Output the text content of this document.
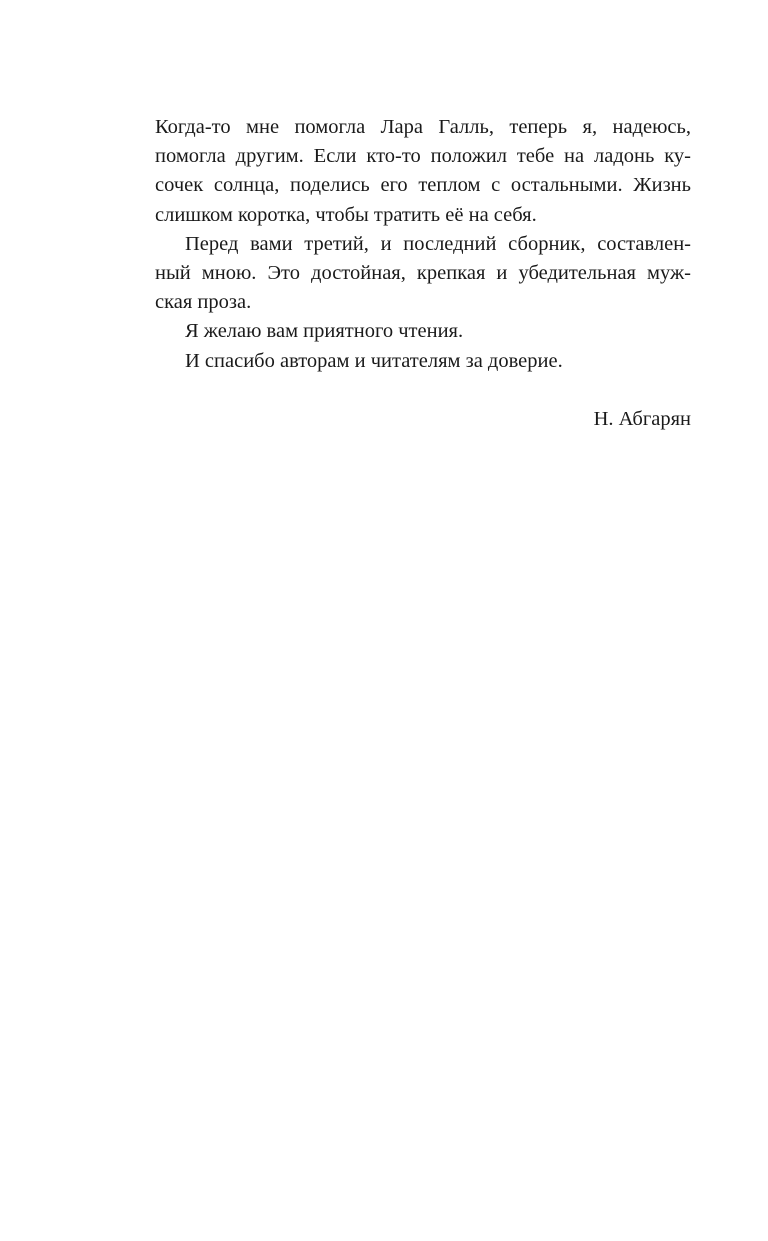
Когда-то мне помогла Лара Галль, теперь я, надеюсь,
помогла другим. Если кто-то положил тебе на ладонь ку-
сочек солнца, поделись его теплом с остальными. Жизнь
слишком коротка, чтобы тратить её на себя.
Перед вами третий, и последний сборник, составлен-
ный мною. Это достойная, крепкая и убедительная муж-
ская проза.
Я желаю вам приятного чтения.
И спасибо авторам и читателям за доверие.
Н. Абгарян
